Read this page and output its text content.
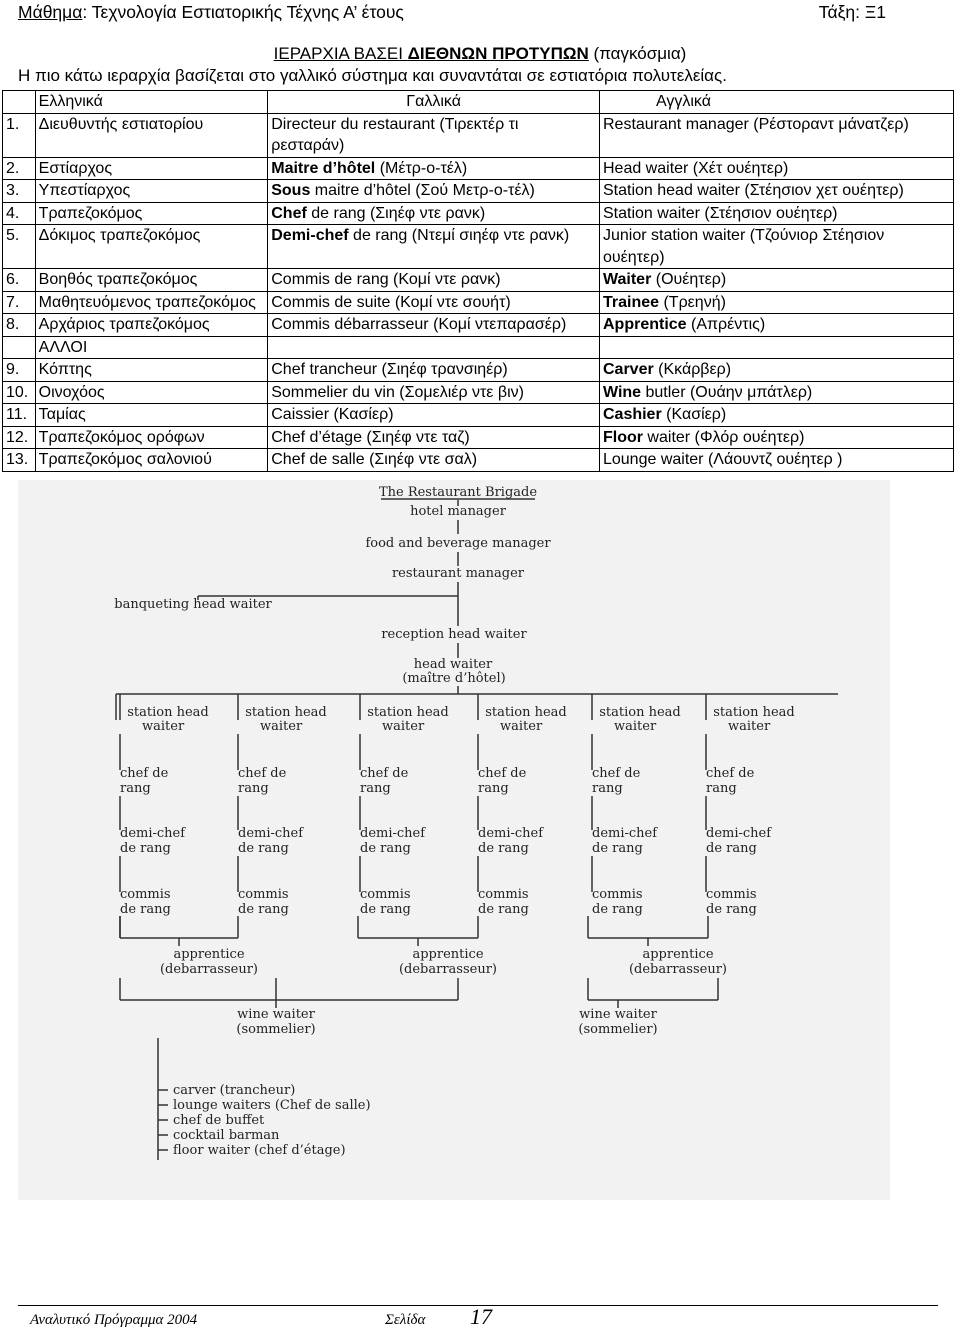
Μάθημα: Τεχνολογία Εστιατορικής Τέχνης Α’ έτους	Τάξη: Ξ1
ΙΕΡΑΡΧΙΑ ΒΑΣΕΙ ΔΙΕΘΝΩΝ ΠΡΟΤΥΠΩΝ (παγκόσμια)
Η πιο κάτω ιεραρχία βασίζεται στο γαλλικό σύστημα και συναντάται σε εστιατόρια πολυτελείας.
	Ελληνικά	Γαλλικά	Αγγλικά
1.	Διευθυντής εστιατορίου	Directeur du restaurant (Τιρεκτέρ τι ρεσταράν)	Restaurant manager (Ρέστοραντ μάνατζερ)
2.	Εστίαρχος	Maitre d’hôtel (Μέτρ-ο-τέλ)	Head waiter (Χέτ ουέητερ)
3.	Υπεστίαρχος	Sous maitre d’hôtel (Σού Μετρ-ο-τέλ)	Station head waiter (Στέησιον χετ ουέητερ)
4.	Τραπεζοκόμος	Chef de rang (Σιηέφ ντε ρανκ)	Station waiter (Στέησιον ουέητερ)
5.	Δόκιμος τραπεζοκόμος	Demi-chef de rang (Ντεμί σιηέφ ντε ρανκ)	Junior station waiter (Τζούνιορ Στέησιον ουέητερ)
6.	Βοηθός τραπεζοκόμος	Commis de rang (Κομί ντε ρανκ)	Waiter (Ουέητερ)
7.	Μαθητευόμενος τραπεζοκόμος	Commis de suite (Κομί ντε σουήτ)	Trainee (Τρεηνή)
8.	Αρχάριος τραπεζοκόμος	Commis débarrasseur (Κομί ντεπαρασέρ)	Apprentice (Απρέντις)
	ΑΛΛΟΙ		
9.	Κόπτης	Chef trancheur (Σιηέφ τρανσιηέρ)	Carver (Κκάρβερ)
10.	Οινοχόος	Sommelier du vin (Σομελιέρ ντε βιν)	Wine butler (Ουάην μπάτλερ)
11.	Ταμίας	Caissier (Κασίερ)	Cashier (Κασίερ)
12.	Τραπεζοκόμος ορόφων	Chef d’étage (Σιηέφ ντε ταζ)	Floor waiter (Φλόρ ουέητερ)
13.	Τραπεζοκόμος σαλονιού	Chef de salle (Σιηέφ ντε σαλ)	Lounge waiter (Λάουντζ ουέητερ )
The Restaurant Brigade
hotel manager
food and beverage manager
restaurant manager
banqueting head waiter
reception head waiter
head waiter
(maître d’hôtel)
station head
waiter
chef de
rang
demi-chef
de rang
commis
de rang
station head
waiter
chef de
rang
demi-chef
de rang
commis
de rang
station head
waiter
chef de
rang
demi-chef
de rang
commis
de rang
station head
waiter
chef de
rang
demi-chef
de rang
commis
de rang
station head
waiter
chef de
rang
demi-chef
de rang
commis
de rang
station head
waiter
chef de
rang
demi-chef
de rang
commis
de rang
apprentice
(debarrasseur)
apprentice
(debarrasseur)
apprentice
(debarrasseur)
wine waiter
(sommelier)
wine waiter
(sommelier)
carver (trancheur)
lounge waiters (Chef de salle)
chef de buffet
cocktail barman
floor waiter (chef d’étage)
Αναλυτικό Πρόγραμμα 2004	Σελίδα 17
